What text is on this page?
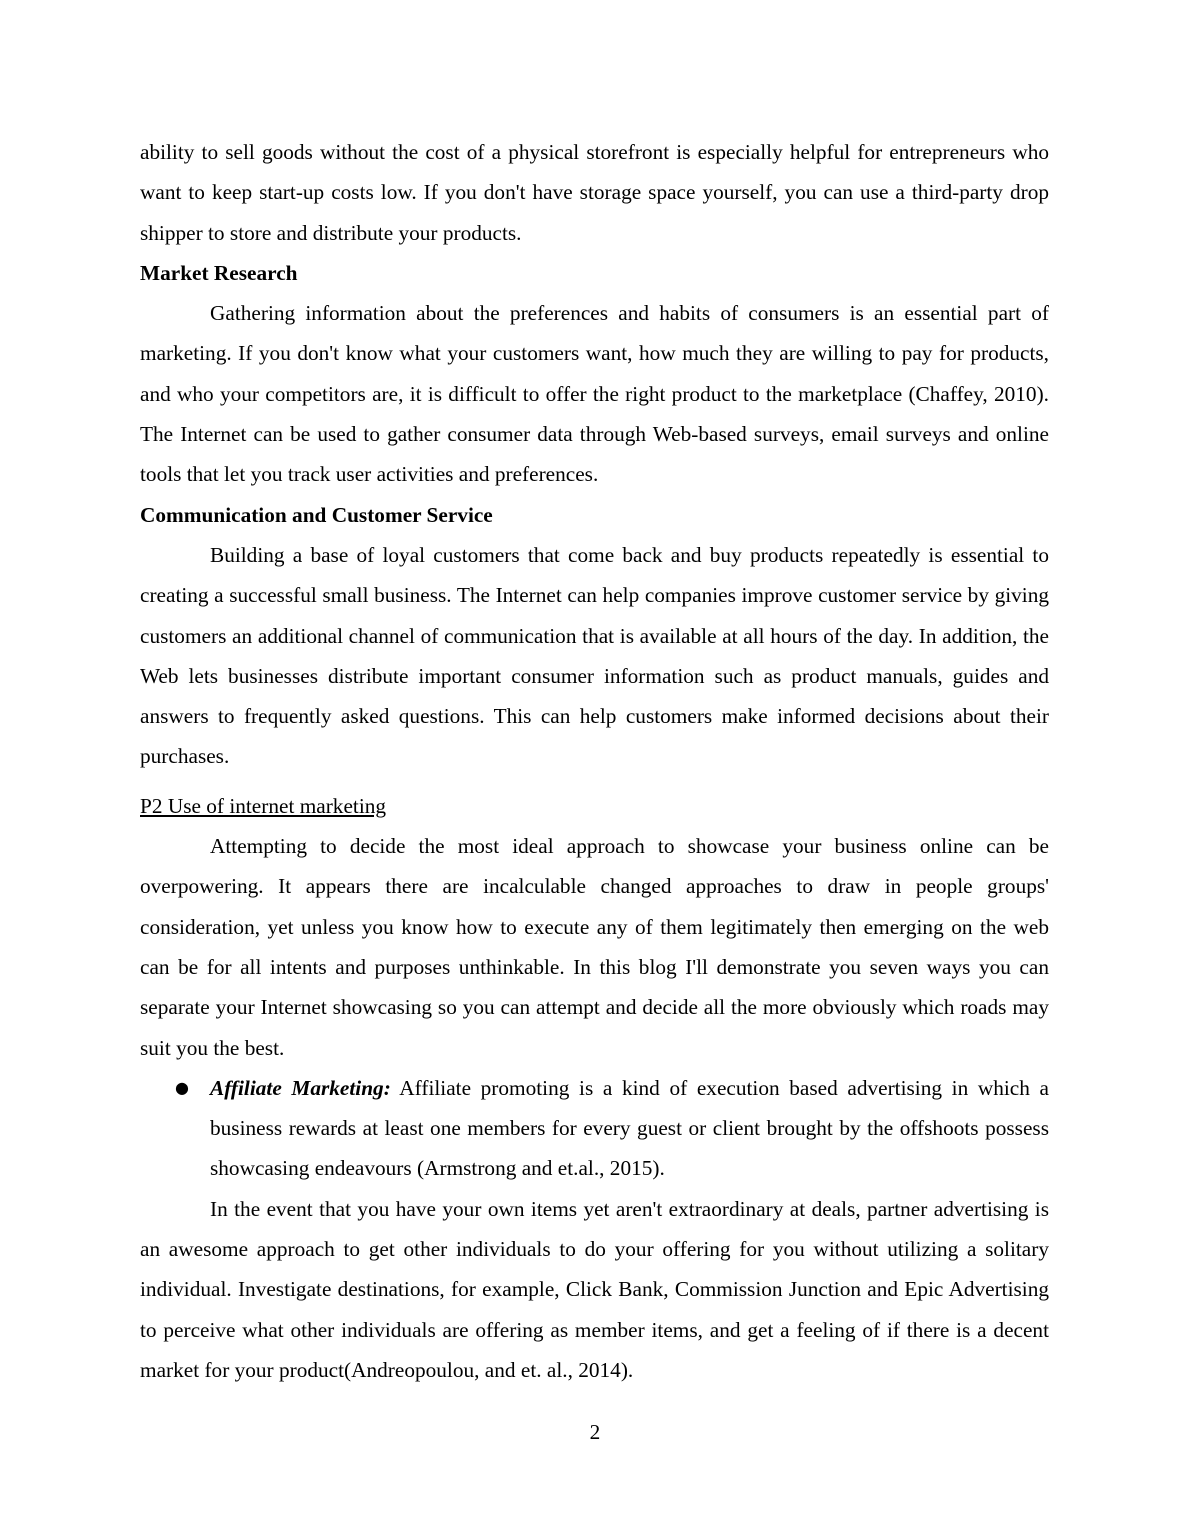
ability to sell goods without the cost of a physical storefront is especially helpful for entrepreneurs who want to keep start-up costs low. If you don't have storage space yourself, you can use a third-party drop shipper to store and distribute your products.

Market Research

Gathering information about the preferences and habits of consumers is an essential part of marketing. If you don't know what your customers want, how much they are willing to pay for products, and who your competitors are, it is difficult to offer the right product to the marketplace (Chaffey, 2010). The Internet can be used to gather consumer data through Web-based surveys, email surveys and online tools that let you track user activities and preferences.

Communication and Customer Service

Building a base of loyal customers that come back and buy products repeatedly is essential to creating a successful small business. The Internet can help companies improve customer service by giving customers an additional channel of communication that is available at all hours of the day. In addition, the Web lets businesses distribute important consumer information such as product manuals, guides and answers to frequently asked questions. This can help customers make informed decisions about their purchases.

P2 Use of internet marketing

Attempting to decide the most ideal approach to showcase your business online can be overpowering. It appears there are incalculable changed approaches to draw in people groups' consideration, yet unless you know how to execute any of them legitimately then emerging on the web can be for all intents and purposes unthinkable. In this blog I'll demonstrate you seven ways you can separate your Internet showcasing so you can attempt and decide all the more obviously which roads may suit you the best.

● Affiliate Marketing: Affiliate promoting is a kind of execution based advertising in which a business rewards at least one members for every guest or client brought by the offshoots possess showcasing endeavours (Armstrong and et.al., 2015).

In the event that you have your own items yet aren't extraordinary at deals, partner advertising is an awesome approach to get other individuals to do your offering for you without utilizing a solitary individual. Investigate destinations, for example, Click Bank, Commission Junction and Epic Advertising to perceive what other individuals are offering as member items, and get a feeling of if there is a decent market for your product(Andreopoulou, and et. al., 2014).

2
